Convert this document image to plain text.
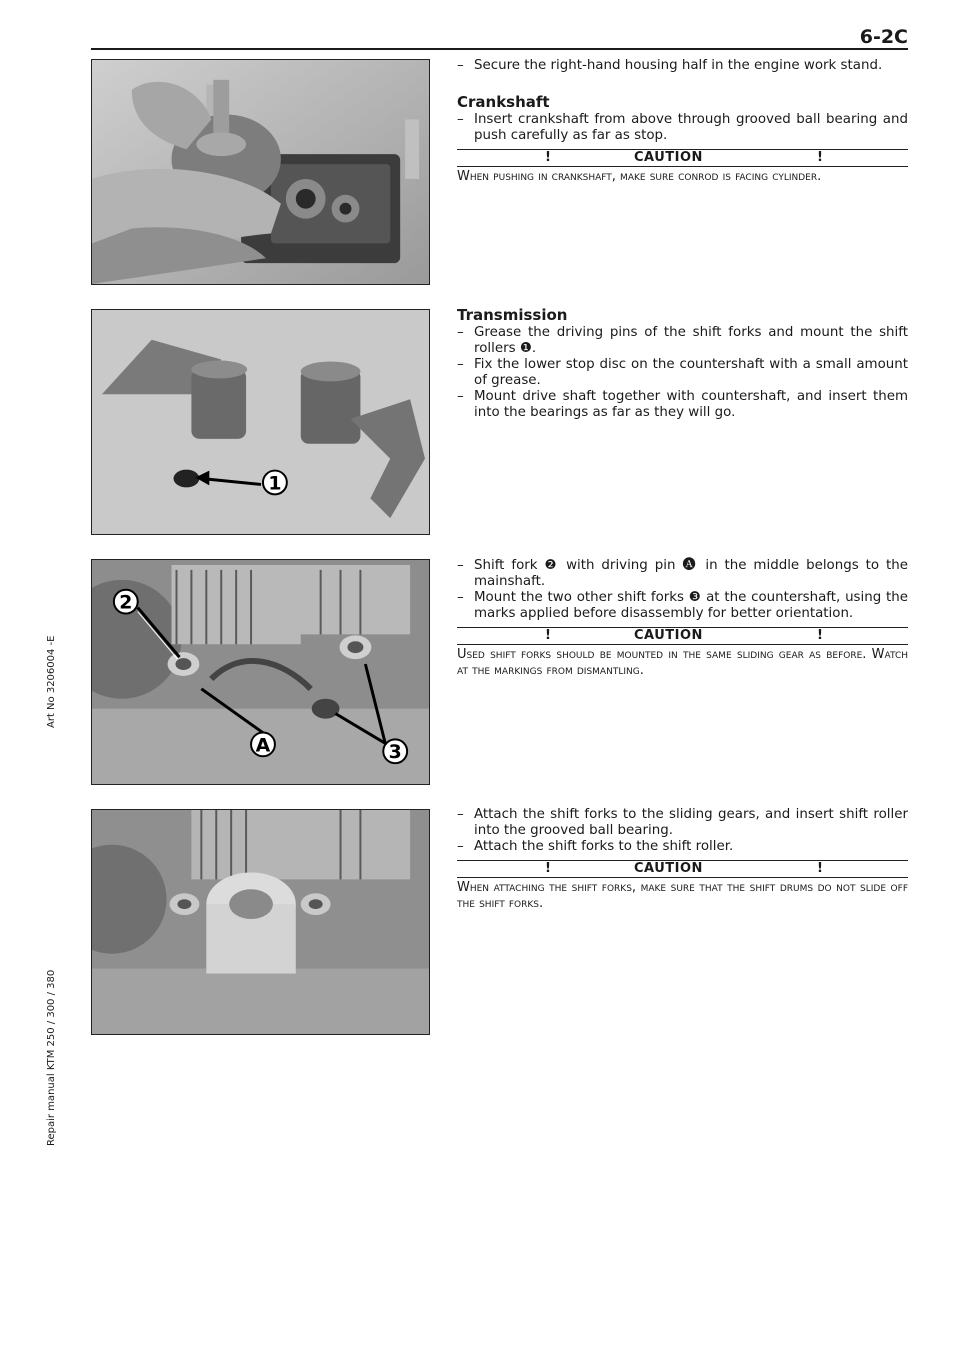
6-2C
Art No 3206004 -E
Repair manual KTM 250 / 300 / 380
1
2
A	3
– Secure the right-hand housing half in the engine work stand.
Crankshaft
– Insert crankshaft from above through grooved ball bearing and push carefully as far as stop.
!	CAUTION	!
When pushing in crankshaft, make sure conrod is facing cylinder.
Transmission
– Grease the driving pins of the shift forks and mount the shift rollers ❶.
– Fix the lower stop disc on the countershaft with a small amount of grease.
– Mount drive shaft together with countershaft, and insert them into the bearings as far as they will go.
– Shift fork ❷ with driving pin 🅐 in the middle belongs to the mainshaft.
– Mount the two other shift forks ❸ at the countershaft, using the marks applied before disassembly for better orientation.
!	CAUTION	!
Used shift forks should be mounted in the same sliding gear as before. Watch at the markings from dismantling.
– Attach the shift forks to the sliding gears, and insert shift roller into the grooved ball bearing.
– Attach the shift forks to the shift roller.
!	CAUTION	!
When attaching the shift forks, make sure that the shift drums do not slide off the shift forks.
